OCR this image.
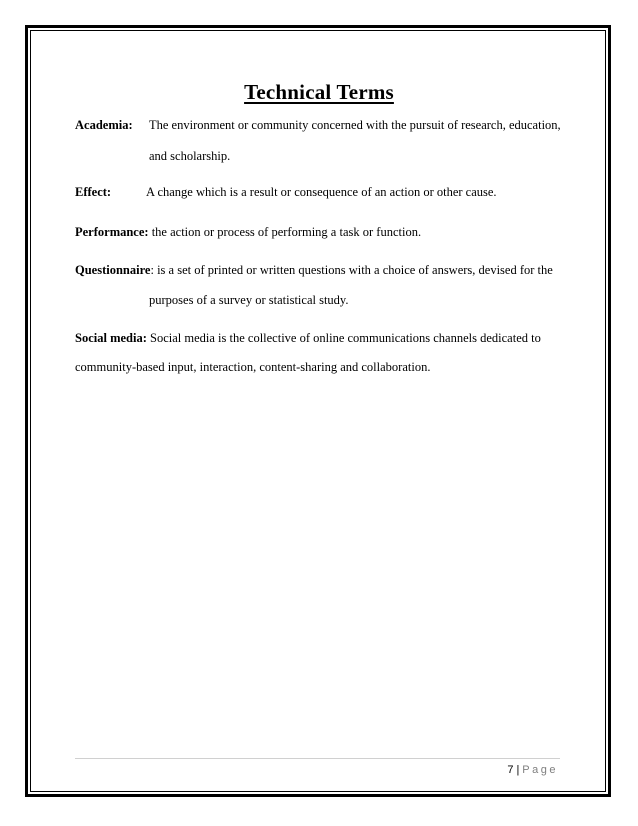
Technical Terms

Academia: The environment or community concerned with the pursuit of research, education,

and scholarship.

Effect:	A change which is a result or consequence of an action or other cause.

Performance: the action or process of performing a task or function.

Questionnaire: is a set of printed or written questions with a choice of answers, devised for the

purposes of a survey or statistical study.

Social media: Social media is the collective of online communications channels dedicated to

community-based input, interaction, content-sharing and collaboration.

7 | Page
